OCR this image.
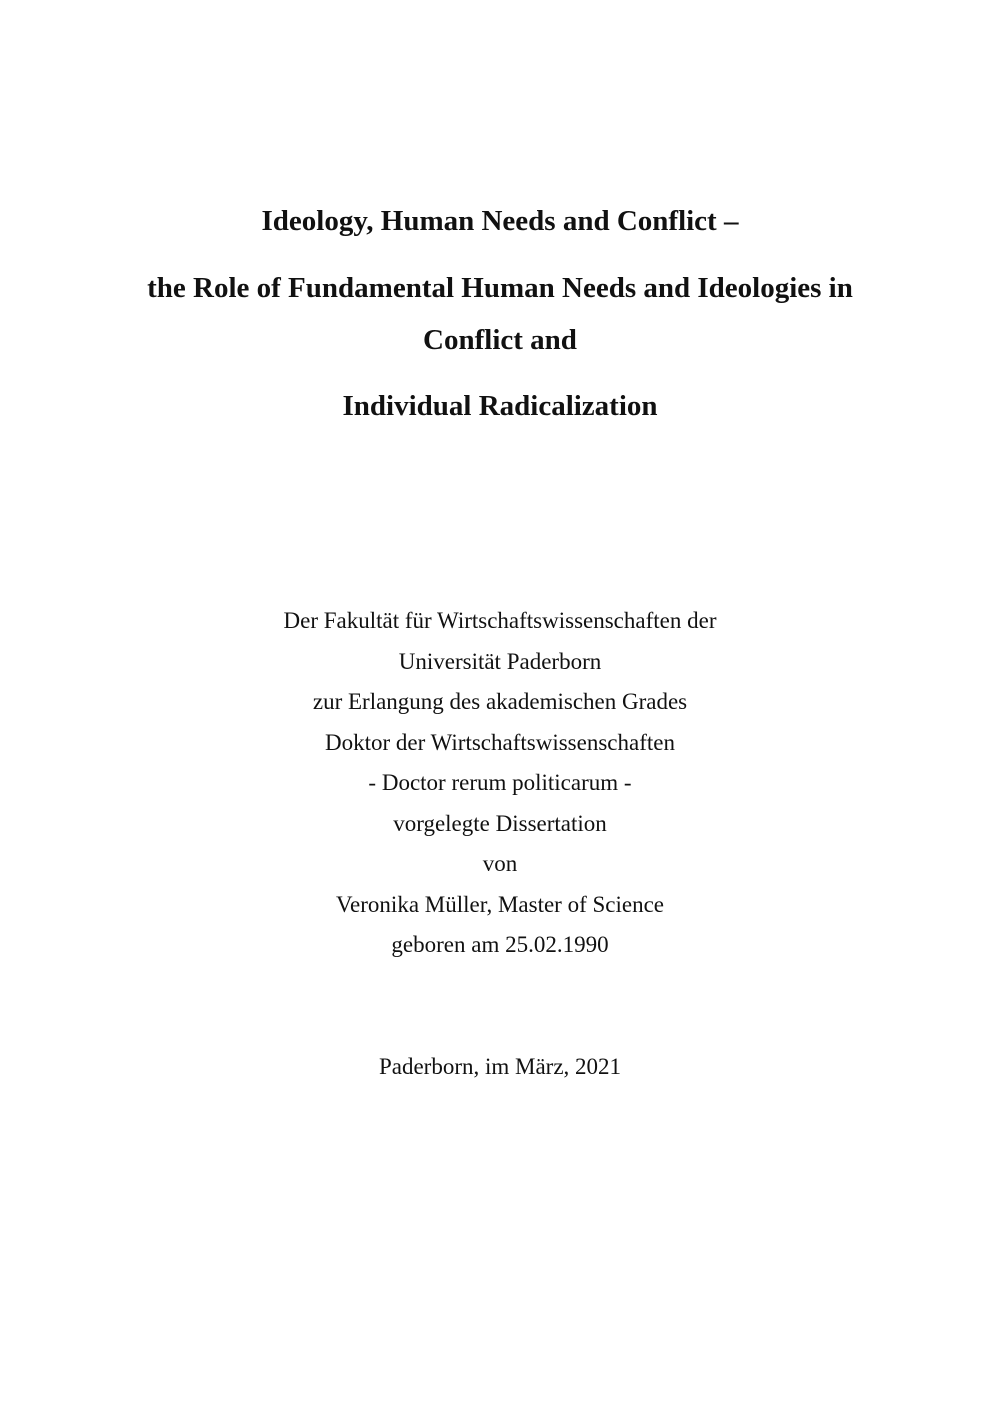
Ideology, Human Needs and Conflict –
the Role of Fundamental Human Needs and Ideologies in
Conflict and
Individual Radicalization
Der Fakultät für Wirtschaftswissenschaften der
Universität Paderborn
zur Erlangung des akademischen Grades
Doktor der Wirtschaftswissenschaften
- Doctor rerum politicarum -
vorgelegte Dissertation
von
Veronika Müller, Master of Science
geboren am 25.02.1990
Paderborn, im März, 2021
